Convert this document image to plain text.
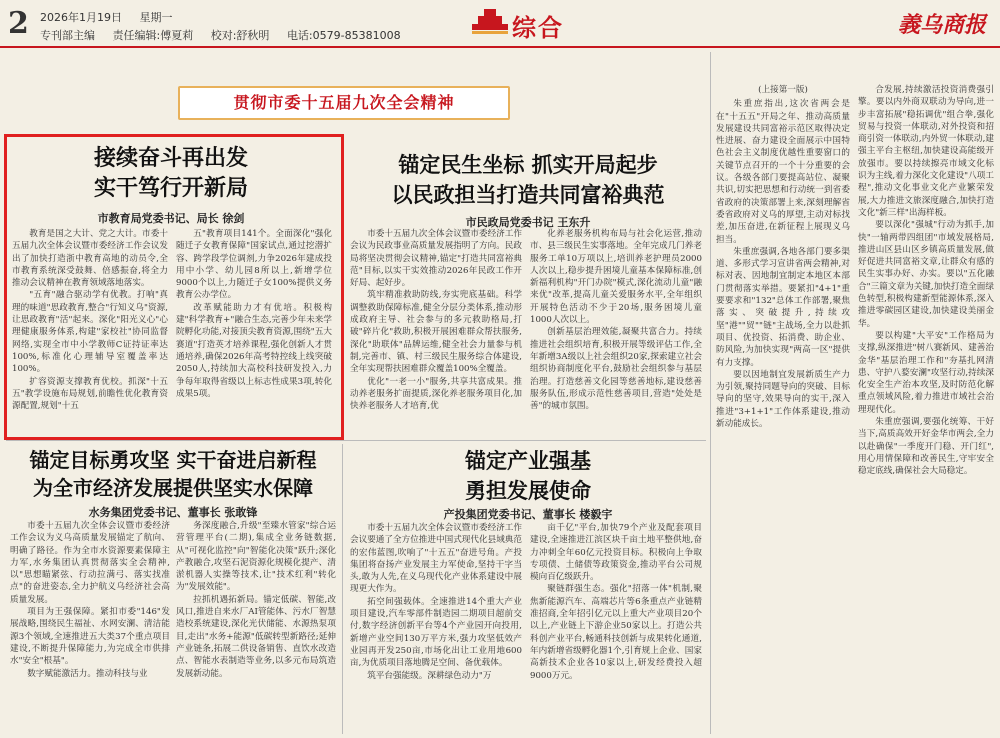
2 2026年1月19日 星期一
专刊部主编 责任编辑:傅夏莉 校对:舒秋明 电话:0579-85381008	综合	義乌商报
贯彻市委十五届九次全会精神
接续奋斗再出发
实干笃行开新局
市教育局党委书记、局长 徐剑

教育是国之大计、党之大计。市委十五届九次全体会议暨市委经济工作会议发出了加快打造浙中教育高地的动员令,全市教育系统深受鼓舞、倍感振奋,将全力推动会议精神在教育领域落地落实。

"五育"融合驱动学有优教。打响"真理的味道"思政教育,整合"行知义乌"资源,让思政教育"活"起来。深化"阳光义心"心理健康服务体系,构建"家校社"协同监督网络,实现全市中小学教师C证持证率达100%,标准化心理辅导室覆盖率达100%。

扩容资源支撑教育优校。抓深"十五五"教学设施布局规划,前瞻性优化教育资源配置,规划"十五

五"教育项目141个。全面深化"强化随迁子女教育保障"国家试点,通过挖潜扩容、跨学段学位调剂,力争2026年建成投用中小学、幼儿园8所以上,新增学位9000个以上,力随迁子女100%提供义务教育公办学位。

改革赋能助力才有优培。积极构建"科学教育+"融合生态,完善少年未来学院孵化功能,对接顶尖教育资源,围绕"五大赛道"打造英才培养课程,强化创新人才贯通培养,确保2026年高考特控线上线突破2050人,持续加大高校科技研发投入,力争每年取得省级以上标志性成果3项,转化成果5项。

锚定民生坐标 抓实开局起步
以民政担当打造共同富裕典范
市民政局党委书记 王东升

市委十五届九次全体会议暨市委经济工作会议为民政事业高质量发展指明了方向。民政局将坚决贯彻会议精神,锚定"打造共同富裕典范"目标,以实干实效推动2026年民政工作开好局、起好步。

筑牢精准救助防线,夯实兜底基础。科学调整救助保障标准,健全分层分类体系,推动形成政府主导、社会参与的多元救助格局,打破"碎片化"救助,积极开展困难群众帮扶服务,深化"助联体"品牌运维,健全社会力量参与机制,完善市、镇、村三级民生服务综合体建设,全年实现帮扶困难群众覆盖100%全覆盖。

优化"一老一小"服务,共享共富成果。推动养老服务扩面提质,深化养老服务项目化,加快养老服务人才培育,优

化养老服务机构布局与社会化运营,推动市、县三级民生实事落地。全年完成几门养老服务工单10万项以上,培训养老护理员2000人次以上,稳步提升困境儿童基本保障标准,创新福利机构"开门办院"模式,深化流动儿童"融来优"改革,提高儿童关爱服务水平,全年组织开展特色活动不少于20场,服务困境儿童1000人次以上。

创新基层治理效能,凝聚共富合力。持续推进社会组织培育,积极开展等级评估工作,全年新增3A级以上社会组织20家,探索建立社会组织协商制度化平台,鼓励社会组织参与基层治理。打造慈善文化园等慈善地标,建设慈善服务队伍,形成示范性慈善项目,营造"处处是善"的城市氛围。

锚定目标勇攻坚 实干奋进启新程
为全市经济发展提供坚实水保障
水务集团党委书记、董事长 张敢锋

市委十五届九次全体会议暨市委经济工作会议为义乌高质量发展锚定了航向、明确了路径。作为全市水资源要素保障主力军,水务集团认真贯彻落实全会精神,以"思想瞄紧弦、行动拉满弓、落实找准点"的奋进姿态,全力护航义乌经济社会高质量发展。

项目为王强保障。紧扣市委"146"发展战略,围绕民生福祉、水网安澜、清洁能源3个领域,全速推进五大类37个重点项目建设,不断提升保障能力,为完成全市供排水"安全"根基"。

数字赋能激活力。推动科技与业

务深度融合,升级"至臻水管家"综合运营管理平台(二期),集成全业务链数据,从"可视化监控"向"智能化决策"跃升;深化产教融合,攻坚石泥资源化规模化提产、清淤机器人实操等技术,让"技术红利"转化为"发展效能"。

拉抓机遇拓新局。锚定低碳、智能,改风口,推进自来水厂AI管能体、污水厂智慧造校系统建设,深化光伏储能、水源热泵项目,走出"水务+能源"低碳转型新路径;延伸产业链条,拓展二供设备销售、直饮水改造点、智能水表制造等业务,以多元布局筑造发展新动能。

锚定产业强基
勇担发展使命
产投集团党委书记、董事长 楼毅宇

市委十五届九次全体会议暨市委经济工作会议要通了全方位推进中国式现代化县域典范的宏伟蓝图,吹响了"十五五"奋进号角。产投集团将奋扬产业发展主力军使命,坚持干字当头,敢为人先,在义乌现代化产业体系建设中展现更大作为。

拓空间强载体。全速推进14个重大产业项目建设,汽车零部件制造园二期项目超前交付,数字经济创新平台等4个产业园开向投用,新增产业空间130万平方米,强力攻坚低效产业园再开发250亩,市场化出让工业用地600亩,为优质项目落地腾足空间、备优载体。

筑平台强能级。深耕绿色动力"万

亩千亿"平台,加快79个产业及配套项目建设,全速推进江滨区块千亩土地平整供地,奋力冲刺全年60亿元投资目标。积极向上争取专项债、土储债等政策资金,推动平台公司规模向百亿级跃升。

聚链群强生态。强化"招落一体"机制,聚焦新能源汽车、高端芯片等6条重点产业链精准招商,全年招引亿元以上重大产业项目20个以上,产业链上下游企业50家以上。打造公共科创产业平台,畅通科技创新与成果转化通道,年内新增省级孵化器1个,引育规上企业、国家高新技术企业各10家以上,研发经费投入超9000万元。

(上接第一版)

朱重庶指出,这次省两会是在"十五五"开局之年、推动高质量发展建设共同富裕示范区取得决定性进展、奋力建设全面展示中国特色社会主义制度优越性重要窗口的关键节点召开的一个十分重要的会议。各级各部门要提高站位、凝聚共识,切实把思想和行动统一到省委省政府的决策部署上来,深刻理解省委省政府对义乌的厚望,主动对标找差,加压奋进,在新征程上展现义乌担当。

朱重庶强调,各地各部门要多渠道、多形式学习宣讲省两会精神,对标对表、因地制宜制定本地区本部门贯彻落实举措。要紧扣"4+1"重要要求和"132"总体工作部署,聚焦落实、突破提升,持续攻坚"港""贸""链"主战场,全力以赴抓项目、优投资、拓消费、助企业、防风险,为加快实现"两高一区"提供有力支撑。

要以因地制宜发展新质生产力为引领,聚持同题导向的突破、目标导向的坚守,效果导向的实干,深入推进"3+1+1"工作体系建设,推动新动能成长。

合发展,持续激活投资消费强引擎。要以内外商双联动为导向,进一步丰富拓展"稳拓调优"组合拳,强化贸易与投资一体联动,对外投资和招商引资一体联动,内外贸一体联动,建强主平台主枢纽,加快建设高能级开放强市。要以持续擦亮市域文化标识为主线,着力深化文化建设"八项工程",推动文化事业文化产业繁荣发展,大力推进文旅深度融合,加快打造文化"新三样"出海样板。

要以深化"强城"行动为抓手,加快"一轴两带四组团"市域发展格局,推进山区县山区乡镇高质量发展,做好促进共同富裕文章,让群众有感的民生实事办好、办实。要以"五化融合"三篇文章为关键,加快打造全面绿色转型,积极构建新型能源体系,深入推进零碳园区建设,加快建设美丽金华。

要以构建"大平安"工作格局为支撑,纵深推进"树八赛新风、建善治金华"基层治理工作和"夯基扎网清患、守护八婺安澜"攻坚行动,持续深化安全生产治本攻坚,及时防范化解重点领域风险,着力推进市域社会治理现代化。

朱重庶强调,要强化统筹、干好当下,高质高效开好金华市两会,全力以赴确保"一季度开门稳、开门红",用心用情保障和改善民生,守牢安全稳定底线,确保社会大局稳定。
